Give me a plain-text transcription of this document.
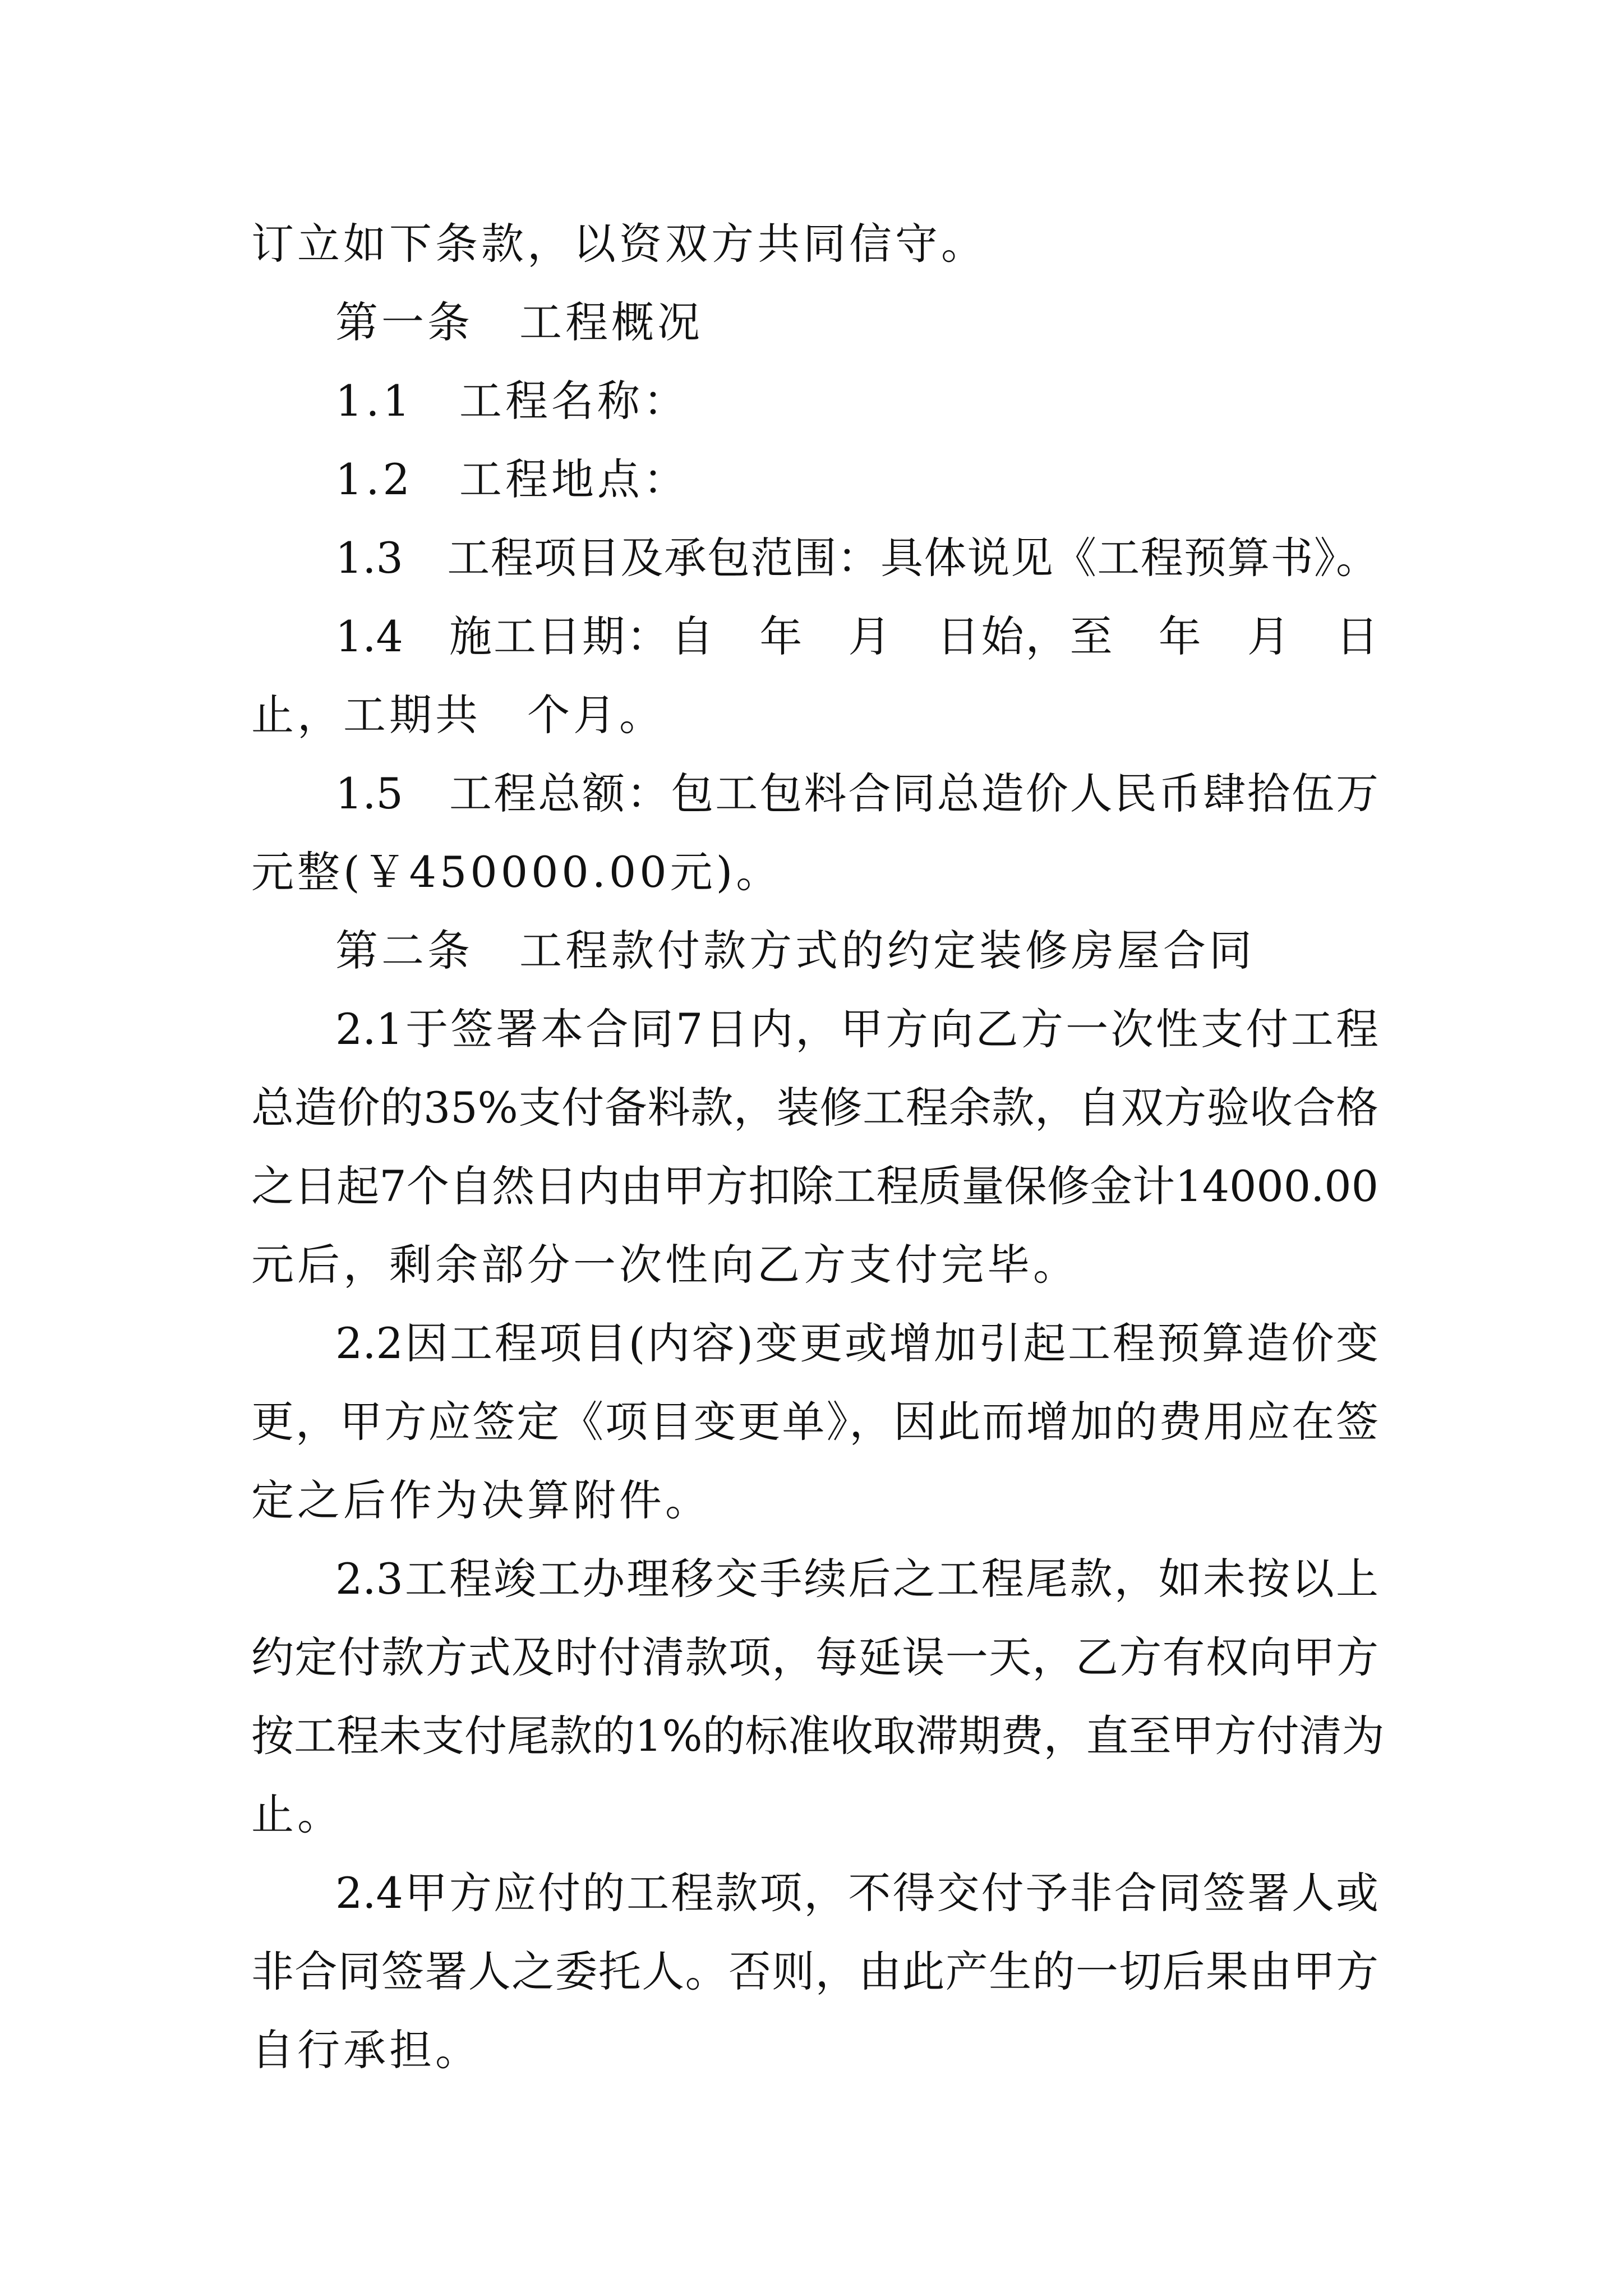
订立如下条款，以资双方共同信守。
第一条　工程概况
1.1　工程名称：
1.2　工程地点：
1.3　工程项目及承包范围：具体说见《工程预算书》。
1.4　施工日期：自　年　月　日始，至　年　月　日
止，工期共　个月。
1.5　工程总额：包工包料合同总造价人民币肆拾伍万
元整(￥450000.00元)。
第二条　工程款付款方式的约定装修房屋合同
2.1于签署本合同7日内，甲方向乙方一次性支付工程
总造价的35%支付备料款，装修工程余款，自双方验收合格
之日起7个自然日内由甲方扣除工程质量保修金计14000.00
元后，剩余部分一次性向乙方支付完毕。
2.2因工程项目(内容)变更或增加引起工程预算造价变
更，甲方应签定《项目变更单》，因此而增加的费用应在签
定之后作为决算附件。
2.3工程竣工办理移交手续后之工程尾款，如未按以上
约定付款方式及时付清款项，每延误一天，乙方有权向甲方
按工程未支付尾款的1%的标准收取滞期费，直至甲方付清为
止。
2.4甲方应付的工程款项，不得交付予非合同签署人或
非合同签署人之委托人。否则，由此产生的一切后果由甲方
自行承担。
